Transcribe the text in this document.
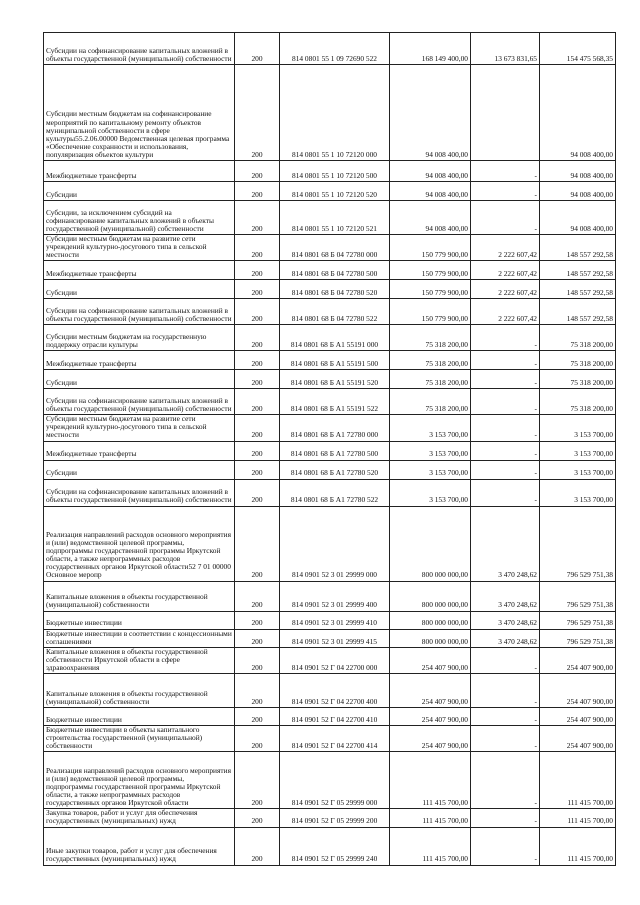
Субсидии на софинансирование капитальных вложений в объекты государственной (муниципальной) собственности	200	814 0801 55 1 09 72690 522	168 149 400,00	13 673 831,65	154 475 568,35
Субсидии местным бюджетам на софинансирование мероприятий по капитальному ремонту объектов муниципальной собственности в сфере культуры55.2.06.00000 Ведомственная целевая программа «Обеспечение сохранности и использования, популяризация объектов культури	200	814 0801 55 1 10 72120 000	94 008 400,00		94 008 400,00
Межбюджетные трансферты	200	814 0801 55 1 10 72120 500	94 008 400,00	-	94 008 400,00
Субсидии	200	814 0801 55 1 10 72120 520	94 008 400,00	-	94 008 400,00
Субсидии, за исключением субсидий на софинансирование капитальных вложений в объекты государственной (муниципальной) собственности	200	814 0801 55 1 10 72120 521	94 008 400,00	-	94 008 400,00
Субсидии местным бюджетам на развитие сети учреждений культурно-досугового типа в сельской местности	200	814 0801 68 Б 04 72780 000	150 779 900,00	2 222 607,42	148 557 292,58
Межбюджетные трансферты	200	814 0801 68 Б 04 72780 500	150 779 900,00	2 222 607,42	148 557 292,58
Субсидии	200	814 0801 68 Б 04 72780 520	150 779 900,00	2 222 607,42	148 557 292,58
Субсидии на софинансирование капитальных вложений в объекты государственной (муниципальной) собственности	200	814 0801 68 Б 04 72780 522	150 779 900,00	2 222 607,42	148 557 292,58
Субсидии местным бюджетам на государственную поддержку отрасли культуры	200	814 0801 68 Б А1 55191 000	75 318 200,00	-	75 318 200,00
Межбюджетные трансферты	200	814 0801 68 Б А1 55191 500	75 318 200,00	-	75 318 200,00
Субсидии	200	814 0801 68 Б А1 55191 520	75 318 200,00	-	75 318 200,00
Субсидии на софинансирование капитальных вложений в объекты государственной (муниципальной) собственности	200	814 0801 68 Б А1 55191 522	75 318 200,00	-	75 318 200,00
Субсидии местным бюджетам на развитие сети учреждений культурно-досугового типа в сельской местности	200	814 0801 68 Б А1 72780 000	3 153 700,00	-	3 153 700,00
Межбюджетные трансферты	200	814 0801 68 Б А1 72780 500	3 153 700,00	-	3 153 700,00
Субсидии	200	814 0801 68 Б А1 72780 520	3 153 700,00	-	3 153 700,00
Субсидии на софинансирование капитальных вложений в объекты государственной (муниципальной) собственности	200	814 0801 68 Б А1 72780 522	3 153 700,00	-	3 153 700,00
Реализация направлений расходов основного мероприятия и (или) ведомственной целевой программы, подпрограммы государственной программы Иркутской области, а также непрограммных расходов государственных органов Иркутской области52 7 01 00000 Основное меропр	200	814 0901 52 3 01 29999 000	800 000 000,00	3 470 248,62	796 529 751,38
Капитальные вложения в объекты государственной (муниципальной) собственности	200	814 0901 52 3 01 29999 400	800 000 000,00	3 470 248,62	796 529 751,38
Бюджетные инвестиции	200	814 0901 52 3 01 29999 410	800 000 000,00	3 470 248,62	796 529 751,38
Бюджетные инвестиции в соответствии с концессионными соглашениями	200	814 0901 52 3 01 29999 415	800 000 000,00	3 470 248,62	796 529 751,38
Капитальные вложения в объекты государственной собственности Иркутской области в сфере здравоохранения	200	814 0901 52 Г 04 22700 000	254 407 900,00	-	254 407 900,00
Капитальные вложения в объекты государственной (муниципальной) собственности	200	814 0901 52 Г 04 22700 400	254 407 900,00	-	254 407 900,00
Бюджетные инвестиции	200	814 0901 52 Г 04 22700 410	254 407 900,00	-	254 407 900,00
Бюджетные инвестиции в объекты капитального строительства государственной (муниципальной) собственности	200	814 0901 52 Г 04 22700 414	254 407 900,00	-	254 407 900,00
Реализация направлений расходов основного мероприятия и (или) ведомственной целевой программы, подпрограммы государственной программы Иркутской области, а также непрограммных расходов государственных органов Иркутской области	200	814 0901 52 Г 05 29999 000	111 415 700,00	-	111 415 700,00
Закупка товаров, работ и услуг для обеспечения государственных (муниципальных) нужд	200	814 0901 52 Г 05 29999 200	111 415 700,00	-	111 415 700,00
Иные закупки товаров, работ и услуг для обеспечения государственных (муниципальных) нужд	200	814 0901 52 Г 05 29999 240	111 415 700,00	-	111 415 700,00
